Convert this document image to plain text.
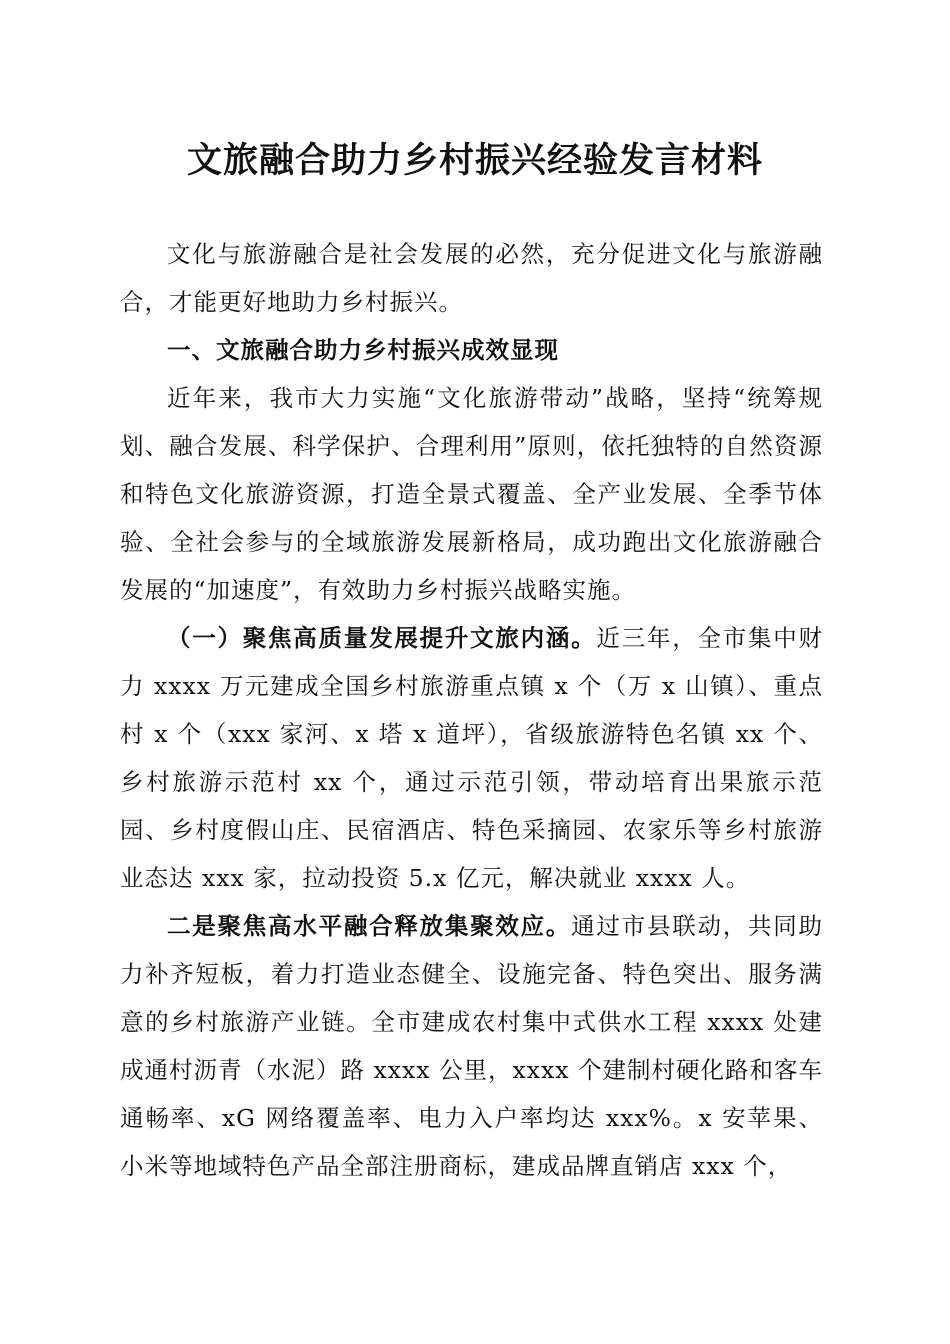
文旅融合助力乡村振兴经验发言材料

文化与旅游融合是社会发展的必然，充分促进文化与旅游融合，才能更好地助力乡村振兴。

一、文旅融合助力乡村振兴成效显现

近年来，我市大力实施“文化旅游带动”战略，坚持“统筹规划、融合发展、科学保护、合理利用”原则，依托独特的自然资源和特色文化旅游资源，打造全景式覆盖、全产业发展、全季节体验、全社会参与的全域旅游发展新格局，成功跑出文化旅游融合发展的“加速度”，有效助力乡村振兴战略实施。

（一）聚焦高质量发展提升文旅内涵。近三年，全市集中财力 xxxx 万元建成全国乡村旅游重点镇 x 个（万 x 山镇）、重点村 x 个（xxx 家河、x 塔 x 道坪），省级旅游特色名镇 xx 个、乡村旅游示范村 xx 个，通过示范引领，带动培育出果旅示范园、乡村度假山庄、民宿酒店、特色采摘园、农家乐等乡村旅游业态达 xxx 家，拉动投资 5.x 亿元，解决就业 xxxx 人。

二是聚焦高水平融合释放集聚效应。通过市县联动，共同助力补齐短板，着力打造业态健全、设施完备、特色突出、服务满意的乡村旅游产业链。全市建成农村集中式供水工程 xxxx 处建成通村沥青（水泥）路 xxxx 公里，xxxx 个建制村硬化路和客车通畅率、xG 网络覆盖率、电力入户率均达 xxx%。x 安苹果、小米等地域特色产品全部注册商标，建成品牌直销店 xxx 个，
